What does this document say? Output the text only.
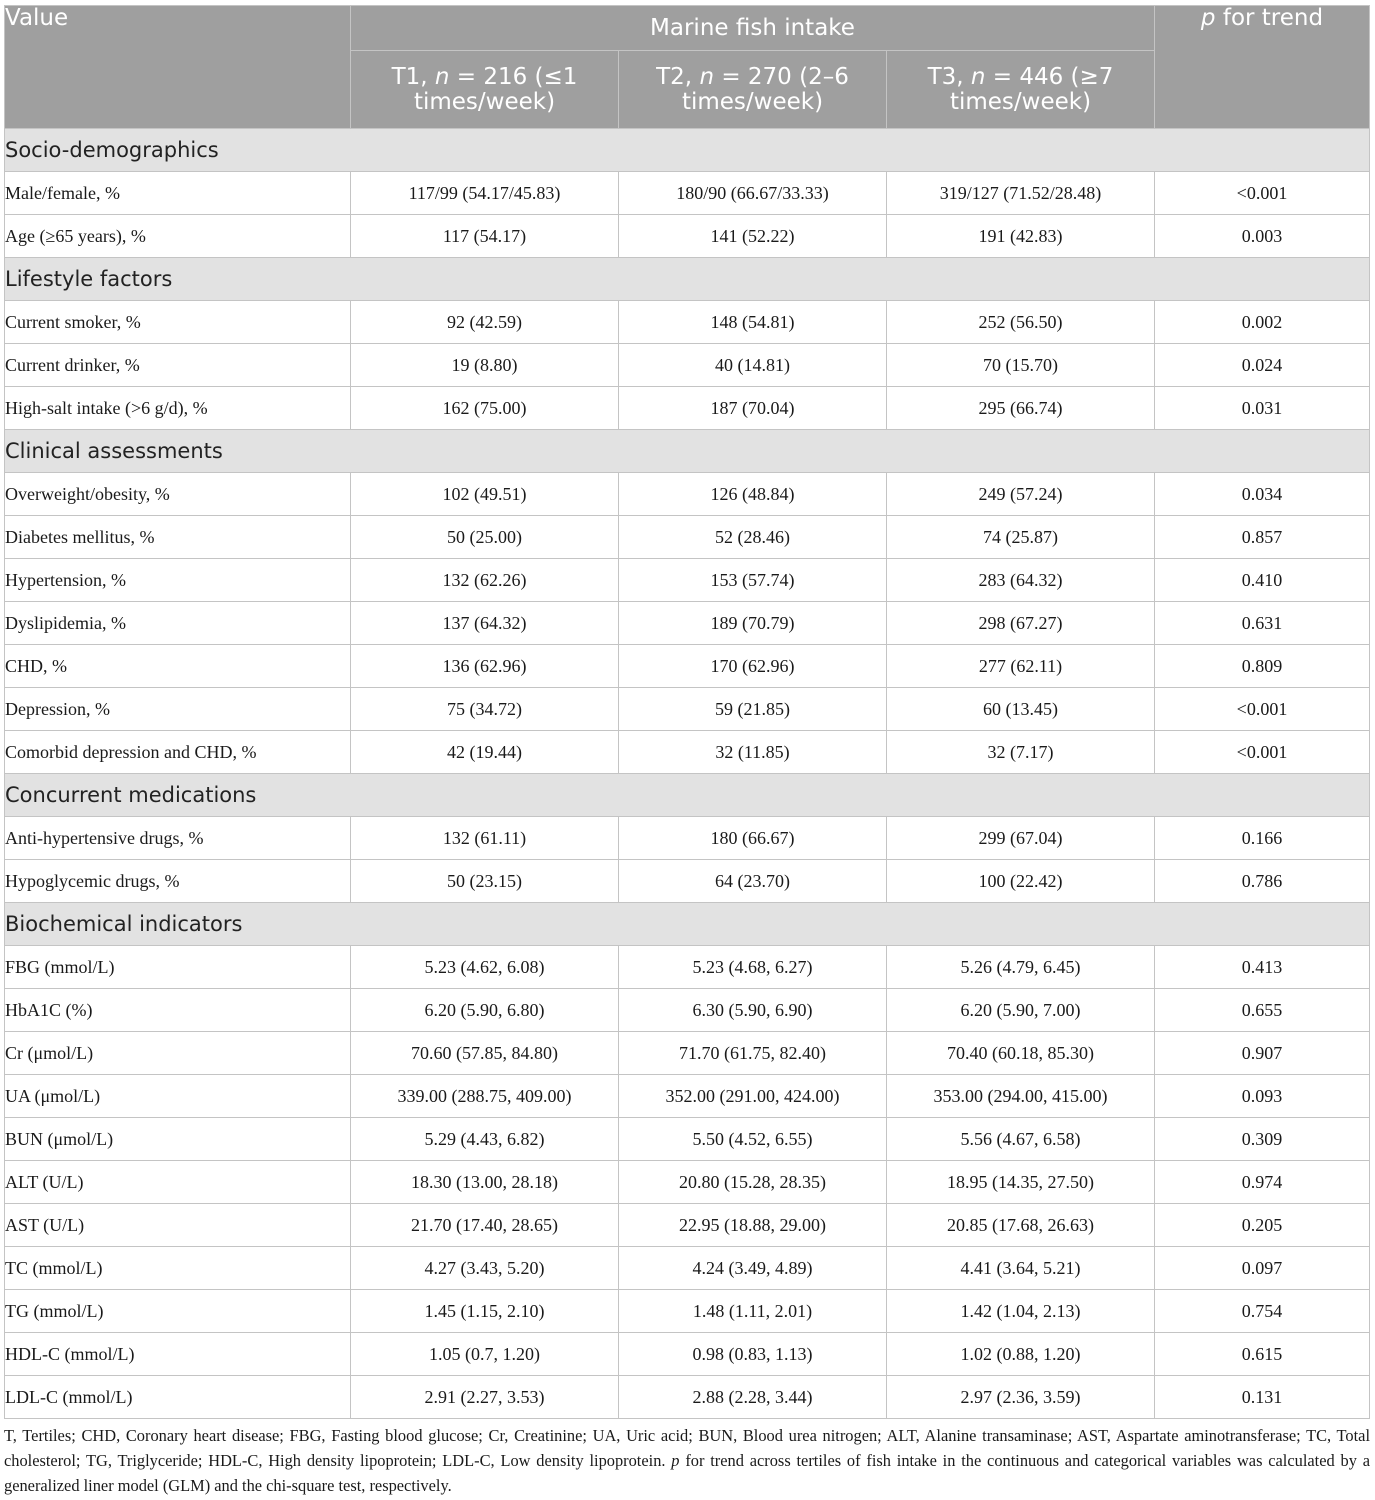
Value	Marine fish intake			p for trend
	T1, n = 216 (≤1 times/week)	T2, n = 270 (2–6 times/week)	T3, n = 446 (≥7 times/week)	
Socio-demographics				
Male/female, %	117/99 (54.17/45.83)	180/90 (66.67/33.33)	319/127 (71.52/28.48)	<0.001
Age (≥65 years), %	117 (54.17)	141 (52.22)	191 (42.83)	0.003
Lifestyle factors				
Current smoker, %	92 (42.59)	148 (54.81)	252 (56.50)	0.002
Current drinker, %	19 (8.80)	40 (14.81)	70 (15.70)	0.024
High-salt intake (>6 g/d), %	162 (75.00)	187 (70.04)	295 (66.74)	0.031
Clinical assessments				
Overweight/obesity, %	102 (49.51)	126 (48.84)	249 (57.24)	0.034
Diabetes mellitus, %	50 (25.00)	52 (28.46)	74 (25.87)	0.857
Hypertension, %	132 (62.26)	153 (57.74)	283 (64.32)	0.410
Dyslipidemia, %	137 (64.32)	189 (70.79)	298 (67.27)	0.631
CHD, %	136 (62.96)	170 (62.96)	277 (62.11)	0.809
Depression, %	75 (34.72)	59 (21.85)	60 (13.45)	<0.001
Comorbid depression and CHD, %	42 (19.44)	32 (11.85)	32 (7.17)	<0.001
Concurrent medications				
Anti-hypertensive drugs, %	132 (61.11)	180 (66.67)	299 (67.04)	0.166
Hypoglycemic drugs, %	50 (23.15)	64 (23.70)	100 (22.42)	0.786
Biochemical indicators				
FBG (mmol/L)	5.23 (4.62, 6.08)	5.23 (4.68, 6.27)	5.26 (4.79, 6.45)	0.413
HbA1C (%)	6.20 (5.90, 6.80)	6.30 (5.90, 6.90)	6.20 (5.90, 7.00)	0.655
Cr (μmol/L)	70.60 (57.85, 84.80)	71.70 (61.75, 82.40)	70.40 (60.18, 85.30)	0.907
UA (μmol/L)	339.00 (288.75, 409.00)	352.00 (291.00, 424.00)	353.00 (294.00, 415.00)	0.093
BUN (μmol/L)	5.29 (4.43, 6.82)	5.50 (4.52, 6.55)	5.56 (4.67, 6.58)	0.309
ALT (U/L)	18.30 (13.00, 28.18)	20.80 (15.28, 28.35)	18.95 (14.35, 27.50)	0.974
AST (U/L)	21.70 (17.40, 28.65)	22.95 (18.88, 29.00)	20.85 (17.68, 26.63)	0.205
TC (mmol/L)	4.27 (3.43, 5.20)	4.24 (3.49, 4.89)	4.41 (3.64, 5.21)	0.097
TG (mmol/L)	1.45 (1.15, 2.10)	1.48 (1.11, 2.01)	1.42 (1.04, 2.13)	0.754
HDL-C (mmol/L)	1.05 (0.7, 1.20)	0.98 (0.83, 1.13)	1.02 (0.88, 1.20)	0.615
LDL-C (mmol/L)	2.91 (2.27, 3.53)	2.88 (2.28, 3.44)	2.97 (2.36, 3.59)	0.131
T, Tertiles; CHD, Coronary heart disease; FBG, Fasting blood glucose; Cr, Creatinine; UA, Uric acid; BUN, Blood urea nitrogen; ALT, Alanine transaminase; AST, Aspartate aminotransferase; TC, Total cholesterol; TG, Triglyceride; HDL-C, High density lipoprotein; LDL-C, Low density lipoprotein. p for trend across tertiles of fish intake in the continuous and categorical variables was calculated by a generalized liner model (GLM) and the chi-square test, respectively.
